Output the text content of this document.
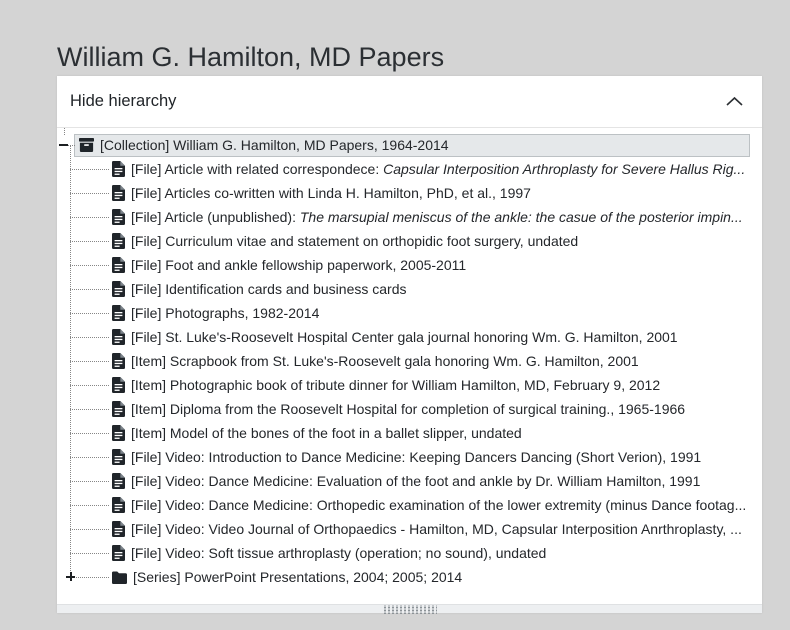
William G. Hamilton, MD Papers
Hide hierarchy
[Collection] William G. Hamilton, MD Papers, 1964-2014
[File] Article with related correspondece: Capsular Interposition Arthroplasty for Severe Hallus Rig...
[File] Articles co-written with Linda H. Hamilton, PhD, et al., 1997
[File] Article (unpublished): The marsupial meniscus of the ankle: the casue of the posterior impin...
[File] Curriculum vitae and statement on orthopidic foot surgery, undated
[File] Foot and ankle fellowship paperwork, 2005-2011
[File] Identification cards and business cards
[File] Photographs, 1982-2014
[File] St. Luke's-Roosevelt Hospital Center gala journal honoring Wm. G. Hamilton, 2001
[Item] Scrapbook from St. Luke's-Roosevelt gala honoring Wm. G. Hamilton, 2001
[Item] Photographic book of tribute dinner for William Hamilton, MD, February 9, 2012
[Item] Diploma from the Roosevelt Hospital for completion of surgical training., 1965-1966
[Item] Model of the bones of the foot in a ballet slipper, undated
[File] Video: Introduction to Dance Medicine: Keeping Dancers Dancing (Short Verion), 1991
[File] Video: Dance Medicine: Evaluation of the foot and ankle by Dr. William Hamilton, 1991
[File] Video: Dance Medicine: Orthopedic examination of the lower extremity (minus Dance footag...
[File] Video: Video Journal of Orthopaedics - Hamilton, MD, Capsular Interposition Anrthroplasty, ...
[File] Video: Soft tissue arthroplasty (operation; no sound), undated
[Series] PowerPoint Presentations, 2004; 2005; 2014
